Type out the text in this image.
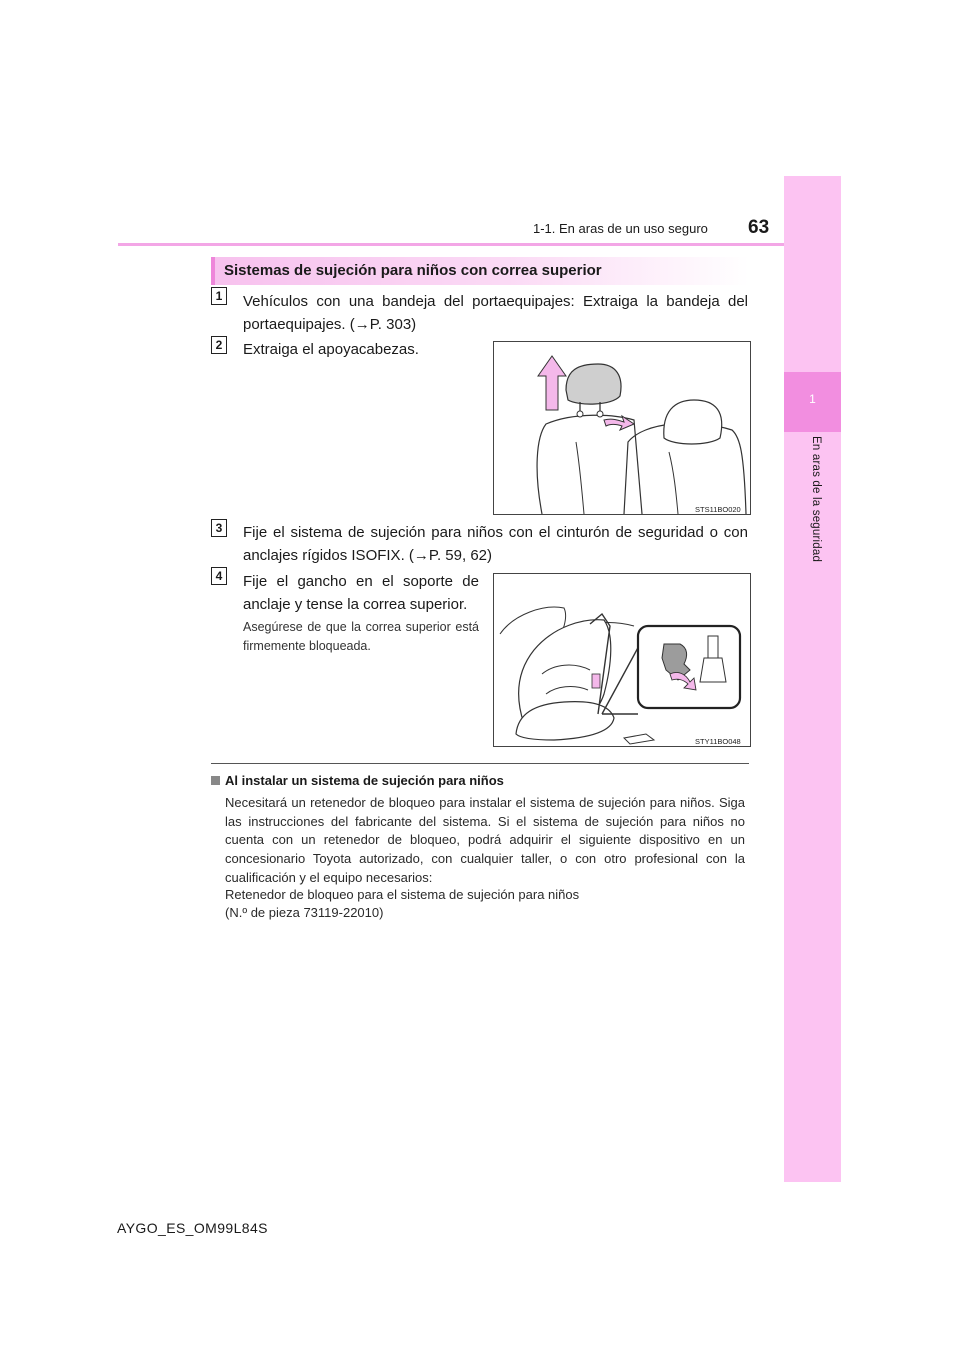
1-1. En aras de un uso seguro 63
1
En aras de la seguridad
Sistemas de sujeción para niños con correa superior
1	Vehículos con una bandeja del portaequipajes: Extraiga la bandeja del portaequipajes. (→P. 303)
2	Extraiga el apoyacabezas.
STS11BO020
3	Fije el sistema de sujeción para niños con el cinturón de seguridad o con anclajes rígidos ISOFIX. (→P. 59, 62)
4	Fije el gancho en el soporte de anclaje y tense la correa superior.
Asegúrese de que la correa superior está firmemente bloqueada.
STY11BO048
Al instalar un sistema de sujeción para niños
Necesitará un retenedor de bloqueo para instalar el sistema de sujeción para niños. Siga las instrucciones del fabricante del sistema. Si el sistema de sujeción para niños no cuenta con un retenedor de bloqueo, podrá adquirir el siguiente dispositivo en un concesionario Toyota autorizado, con cualquier taller, o con otro profesional con la cualificación y el equipo necesarios:
Retenedor de bloqueo para el sistema de sujeción para niños
(N.º de pieza 73119-22010)
AYGO_ES_OM99L84S
